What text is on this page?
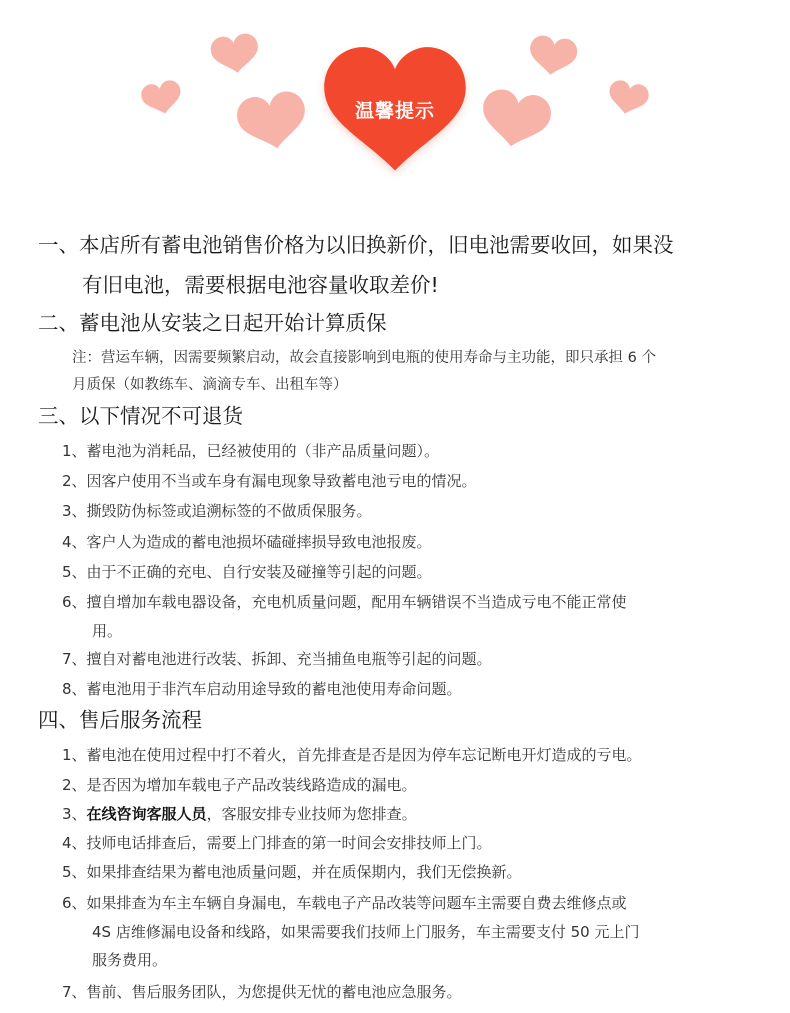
温馨提示
一、本店所有蓄电池销售价格为以旧换新价，旧电池需要收回，如果没
有旧电池，需要根据电池容量收取差价!
二、蓄电池从安装之日起开始计算质保
注：营运车辆，因需要频繁启动，故会直接影响到电瓶的使用寿命与主功能，即只承担 6 个
月质保（如教练车、滴滴专车、出租车等）
三、以下情况不可退货
1、蓄电池为消耗品，已经被使用的（非产品质量问题）。
2、因客户使用不当或车身有漏电现象导致蓄电池亏电的情况。
3、撕毁防伪标签或追溯标签的不做质保服务。
4、客户人为造成的蓄电池损坏磕碰摔损导致电池报废。
5、由于不正确的充电、自行安装及碰撞等引起的问题。
6、擅自增加车载电器设备，充电机质量问题，配用车辆错误不当造成亏电不能正常使
用。
7、擅自对蓄电池进行改装、拆卸、充当捕鱼电瓶等引起的问题。
8、蓄电池用于非汽车启动用途导致的蓄电池使用寿命问题。
四、售后服务流程
1、蓄电池在使用过程中打不着火，首先排查是否是因为停车忘记断电开灯造成的亏电。
2、是否因为增加车载电子产品改装线路造成的漏电。
3、在线咨询客服人员，客服安排专业技师为您排查。
4、技师电话排查后，需要上门排查的第一时间会安排技师上门。
5、如果排查结果为蓄电池质量问题，并在质保期内，我们无偿换新。
6、如果排查为车主车辆自身漏电，车载电子产品改装等问题车主需要自费去维修点或
4S 店维修漏电设备和线路，如果需要我们技师上门服务，车主需要支付 50 元上门
服务费用。
7、售前、售后服务团队，为您提供无忧的蓄电池应急服务。
